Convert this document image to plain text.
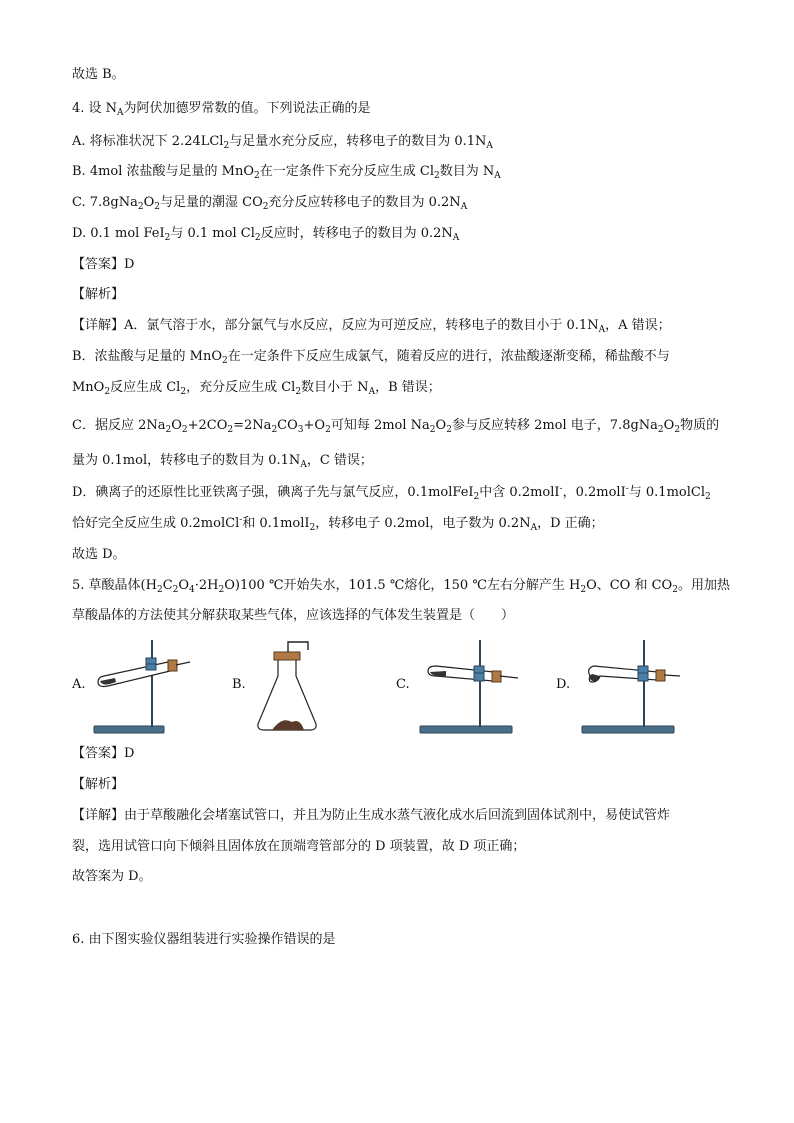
故选 B。
4. 设 $N_A$为阿伏加德罗常数的值。下列说法正确的是
A. 将标准状况下 2.24LCl$_2$与足量水充分反应，转移电子的数目为 $0.1N_A$
B. 4mol 浓盐酸与足量的 MnO$_2$在一定条件下充分反应生成 $Cl_2$数目为 $N_A$
C. $7.8gNa_2O_2$与足量的潮湿 $CO_2$充分反应转移电子的数目为 $0.2N_A$
D. 0.1 mol FeI$_2$与 0.1 mol $Cl_2$反应时，转移电子的数目为 $0.2N_A$
【答案】D
【解析】
【详解】A．氯气溶于水，部分氯气与水反应，反应为可逆反应，转移电子的数目小于 $0.1N_A$，A 错误；
B．浓盐酸与足量的 MnO$_2$在一定条件下反应生成氯气，随着反应的进行，浓盐酸逐渐变稀，稀盐酸不与
MnO$_2$反应生成 $Cl_2$，充分反应生成 $Cl_2$数目小于 $N_A$，B 错误；
C．据反应 $2Na_2O_2+2CO_2=2Na_2CO_3+O_2$可知每 2mol $Na_2O_2$参与反应转移 2mol 电子，$7.8gNa_2O_2$物质的
量为 0.1mol，转移电子的数目为 $0.1N_A$，C 错误；
D．碘离子的还原性比亚铁离子强，碘离子先与氯气反应，0.1molFeI$_2$中含 0.2molI-，0.2molI-与 0.1molCl$_2$
恰好完全反应生成 0.2molCl-和 0.1molI$_2$，转移电子 0.2mol，电子数为 $0.2N_A$，D 正确；
故选 D。
5. 草酸晶体$(H_2C_2O_4\cdot 2H_2O)100$ ℃开始失水，101.5 ℃熔化，150 ℃左右分解产生 $H_2O$、CO 和 $CO_2$。用加热
草酸晶体的方法使其分解获取某些气体，应该选择的气体发生装置是（　　）
A.	B.	C.	D.
【答案】D
【解析】
【详解】由于草酸融化会堵塞试管口，并且为防止生成水蒸气液化成水后回流到固体试剂中，易使试管炸
裂，选用试管口向下倾斜且固体放在顶端弯管部分的 D 项装置，故 D 项正确；
故答案为 D。
6. 由下图实验仪器组装进行实验操作错误的是
